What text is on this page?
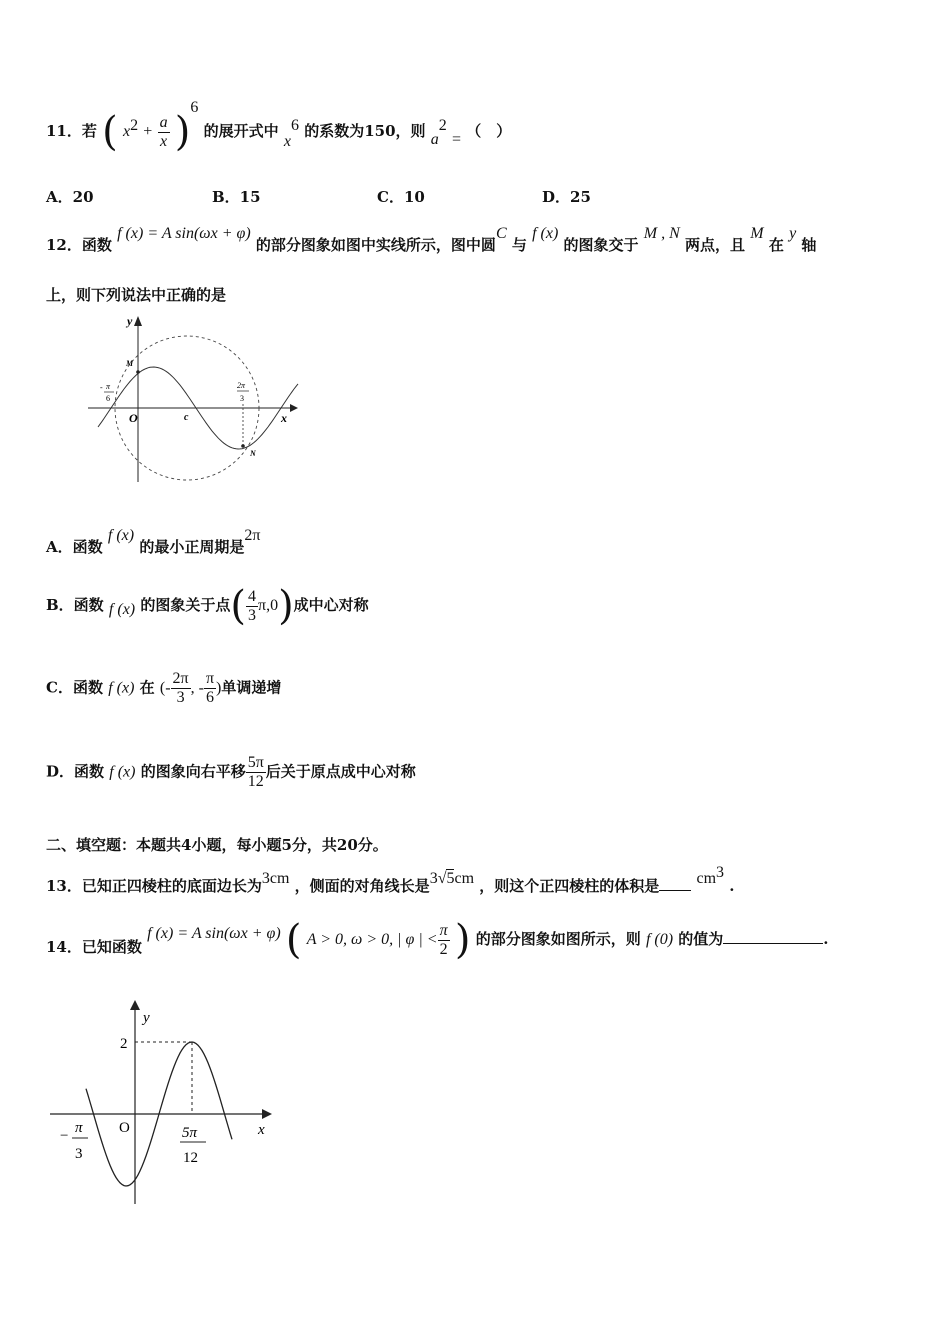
11．若 ( $x^2 + \frac{a}{x} )^6$ 的展开式中 $x^6$ 的系数为150，则 $a^2$ = （　）
A．20	B．15	C．10	D．25
12．函数 f (x) = A sin(ωx + φ) 的部分图象如图中实线所示，图中圆C 与 f (x) 的图象交于 M , N 两点，且 M 在 y 轴
上，则下列说法中正确的是
y
x
O	c
M
N
- π
6
2π
3
A．函数 f (x) 的最小正周期是2π
B．函数 f (x) 的图象关于点( $\frac{4}{3} \pi,0$)成中心对称
C．函数 f (x) 在 (- $\frac{2\pi}{3}$ , - $\frac{\pi}{6}$ )单调递增
D．函数 f (x) 的图象向右平移 $\frac{5\pi}{12}$ 后关于原点成中心对称
二、填空题：本题共4小题，每小题5分，共20分。
13．已知正四棱柱的底面边长为3cm ，侧面的对角线长是3√5cm ，则这个正四棱柱的体积是 $cm^3$ .
14．已知函数 f (x) = A sin(ωx + φ) ( A > 0, ω > 0, | φ | < $\frac{\pi}{2}$ ) 的部分图象如图所示，则 f (0) 的值为	.
y
x
O
2
− π
3
5π
12
